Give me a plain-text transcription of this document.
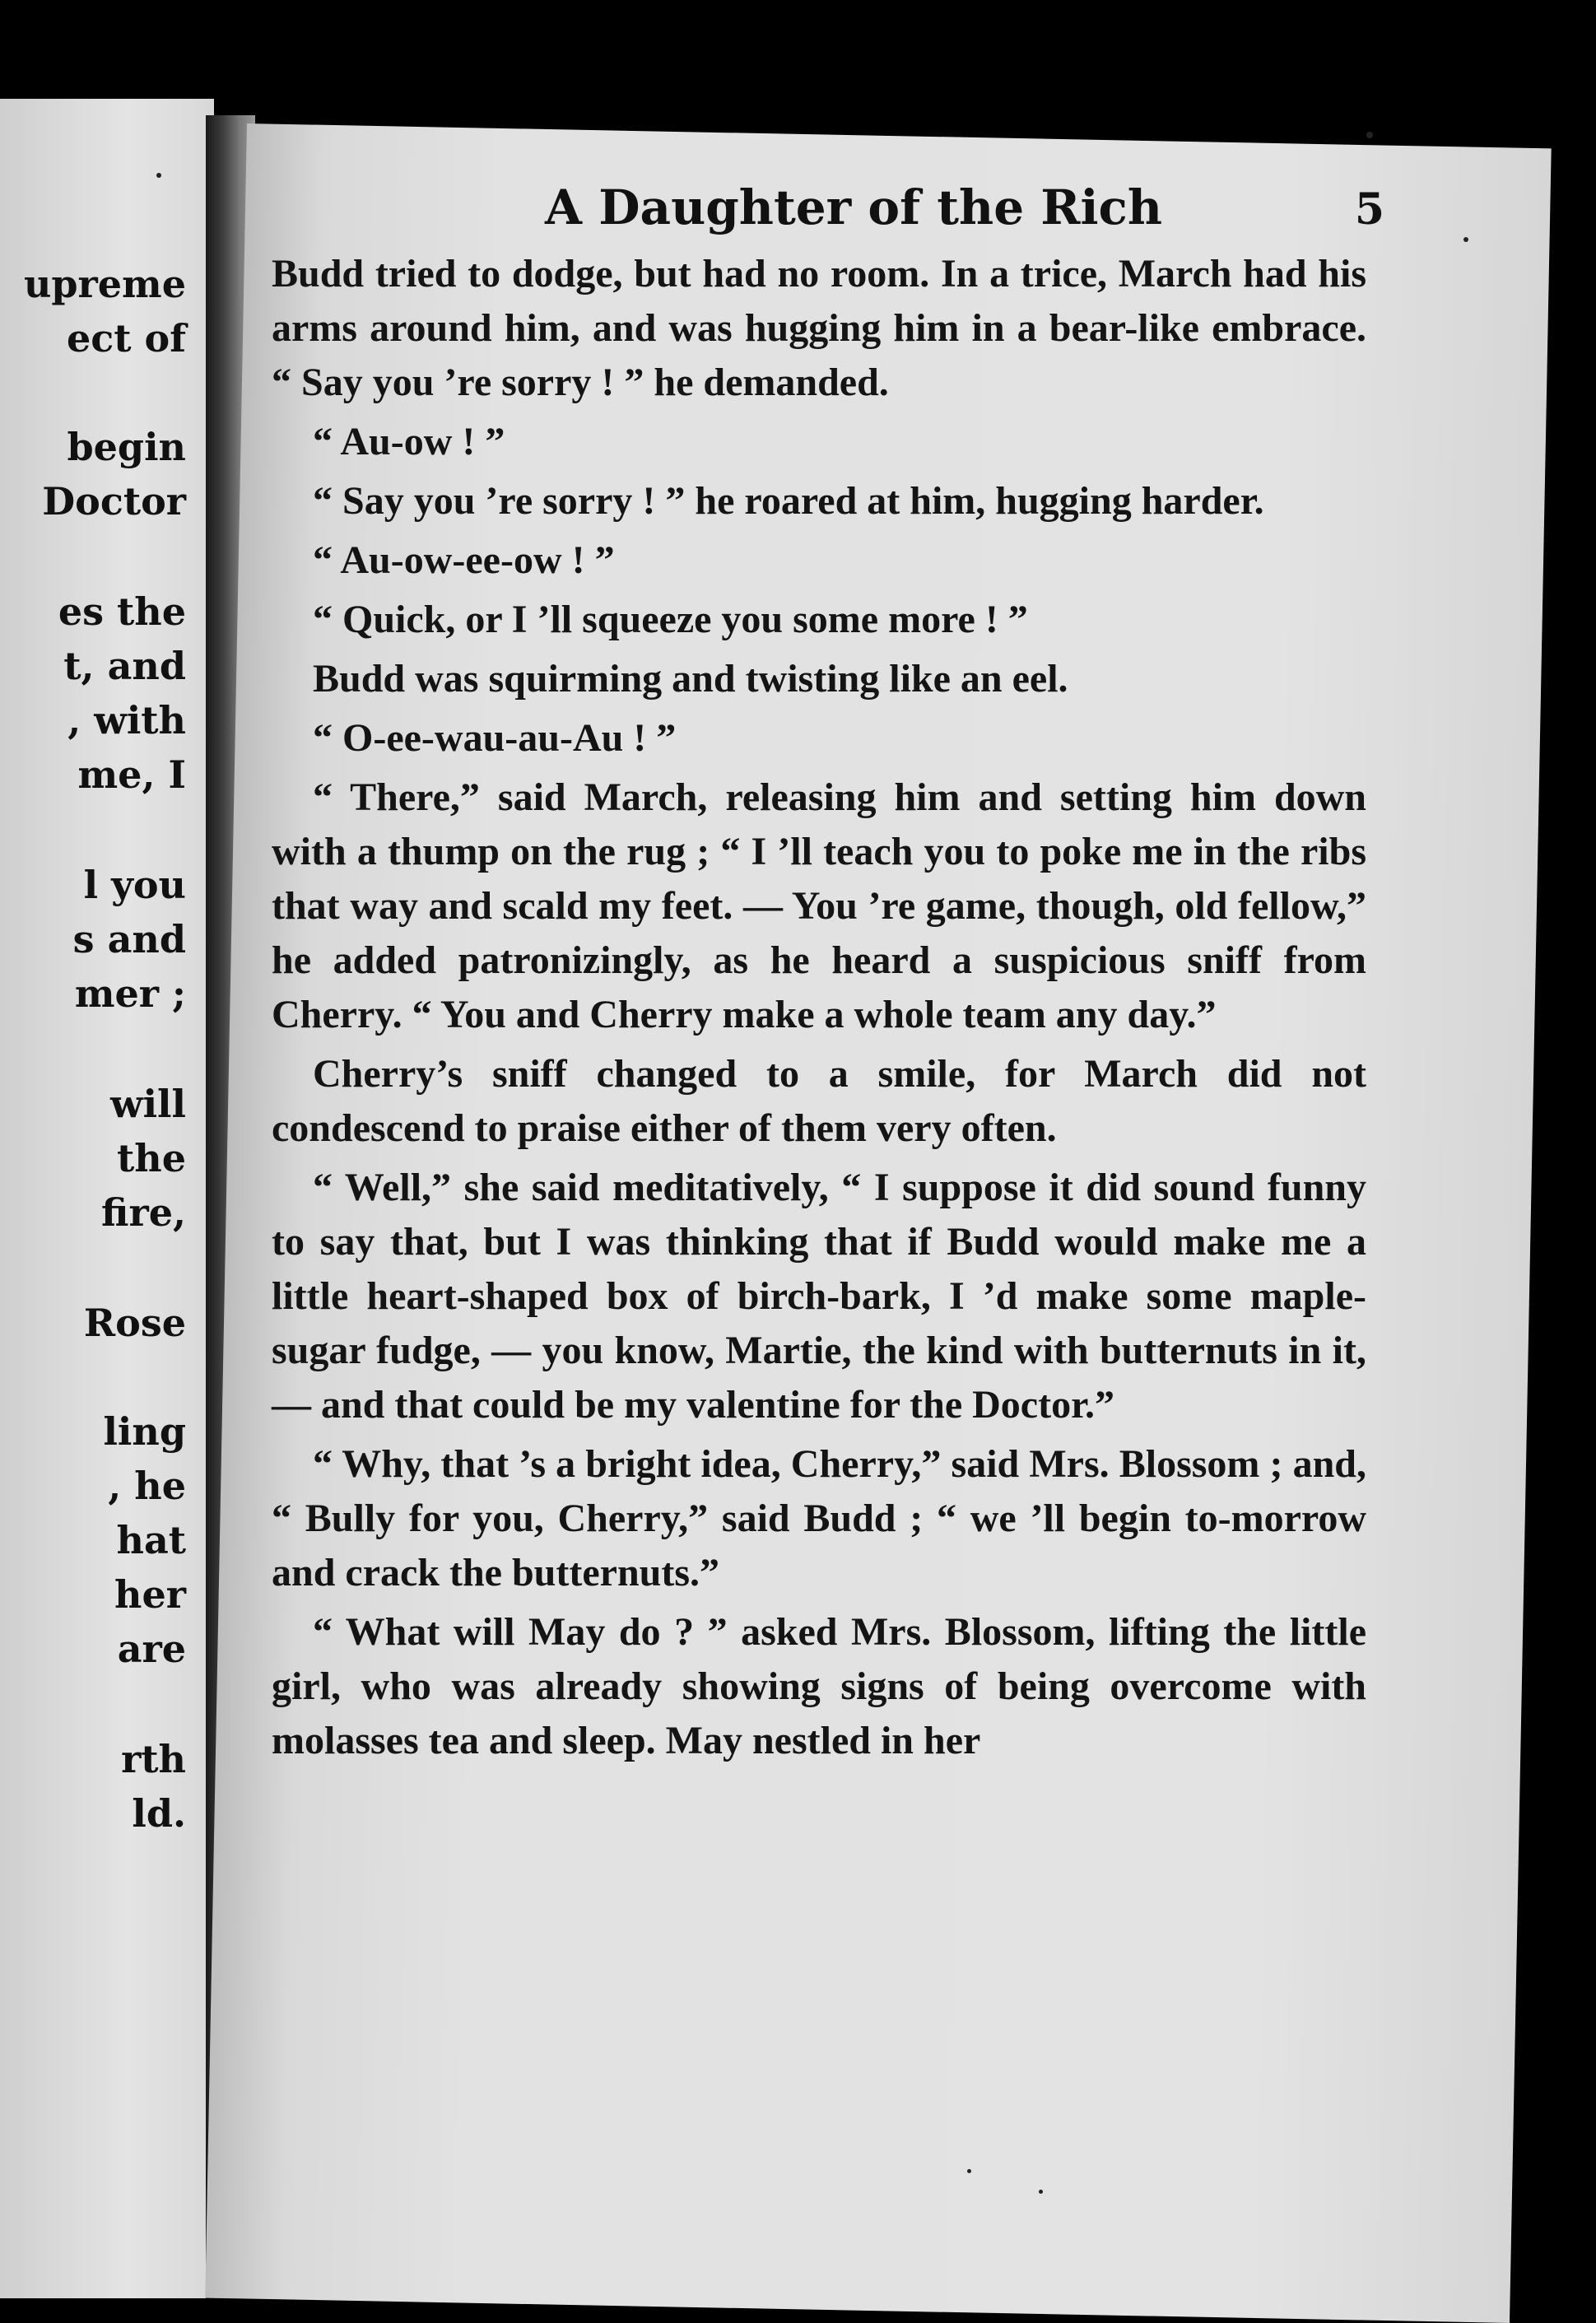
upreme
ect of
begin
Doctor
es the
t, and
, with
me, I
l you
s and
mer ;
will
the
fire,
Rose
ling
, he
hat
her
are
rth
ld.
A Daughter of the Rich	5

Budd tried to dodge, but had no room. In a trice, March had his arms around him, and was hugging him in a bear-like embrace. “ Say you ’re sorry ! ” he demanded.

“ Au-ow ! ”

“ Say you ’re sorry ! ” he roared at him, hugging harder.

“ Au-ow-ee-ow ! ”

“ Quick, or I ’ll squeeze you some more ! ”

Budd was squirming and twisting like an eel.

“ O-ee-wau-au-Au ! ”

“ There,” said March, releasing him and setting him down with a thump on the rug ; “ I ’ll teach you to poke me in the ribs that way and scald my feet. — You ’re game, though, old fellow,” he added patronizingly, as he heard a suspicious sniff from Cherry. “ You and Cherry make a whole team any day.”

Cherry’s sniff changed to a smile, for March did not condescend to praise either of them very often.

“ Well,” she said meditatively, “ I suppose it did sound funny to say that, but I was thinking that if Budd would make me a little heart-shaped box of birch-bark, I ’d make some maple-sugar fudge, — you know, Martie, the kind with butternuts in it, — and that could be my valentine for the Doctor.”

“ Why, that ’s a bright idea, Cherry,” said Mrs. Blossom ; and, “ Bully for you, Cherry,” said Budd ; “ we ’ll begin to-morrow and crack the butternuts.”

“ What will May do ? ” asked Mrs. Blossom, lifting the little girl, who was already showing signs of being overcome with molasses tea and sleep. May nestled in her
